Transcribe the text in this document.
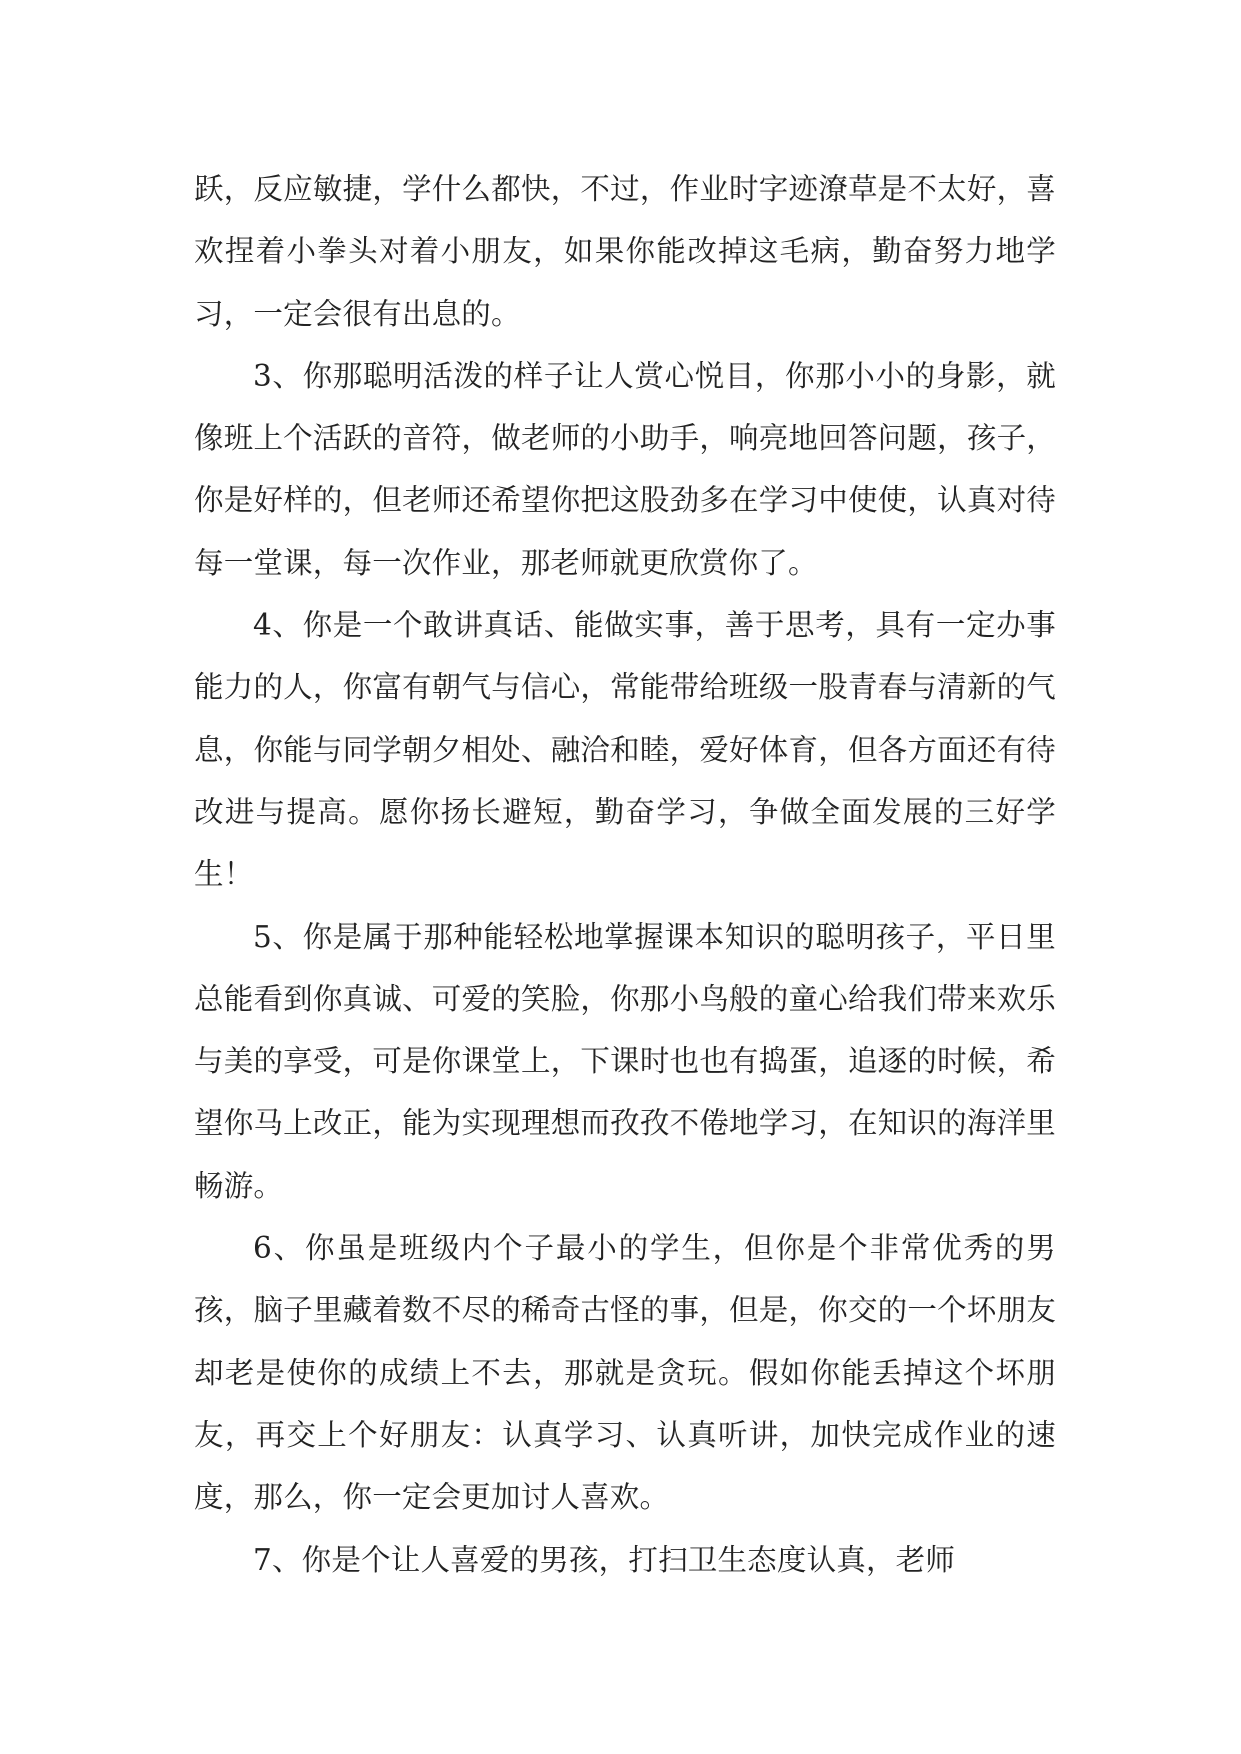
跃，反应敏捷，学什么都快，不过，作业时字迹潦草是不太好，喜欢捏着小拳头对着小朋友，如果你能改掉这毛病，勤奋努力地学习，一定会很有出息的。

3、你那聪明活泼的样子让人赏心悦目，你那小小的身影，就像班上个活跃的音符，做老师的小助手，响亮地回答问题，孩子，你是好样的，但老师还希望你把这股劲多在学习中使使，认真对待每一堂课，每一次作业，那老师就更欣赏你了。

4、你是一个敢讲真话、能做实事，善于思考，具有一定办事能力的人，你富有朝气与信心，常能带给班级一股青春与清新的气息，你能与同学朝夕相处、融洽和睦，爱好体育，但各方面还有待改进与提高。愿你扬长避短，勤奋学习，争做全面发展的三好学生！

5、你是属于那种能轻松地掌握课本知识的聪明孩子，平日里总能看到你真诚、可爱的笑脸，你那小鸟般的童心给我们带来欢乐与美的享受，可是你课堂上，下课时也也有捣蛋，追逐的时候，希望你马上改正，能为实现理想而孜孜不倦地学习，在知识的海洋里畅游。

6、你虽是班级内个子最小的学生，但你是个非常优秀的男孩，脑子里藏着数不尽的稀奇古怪的事，但是，你交的一个坏朋友却老是使你的成绩上不去，那就是贪玩。假如你能丢掉这个坏朋友，再交上个好朋友：认真学习、认真听讲，加快完成作业的速度，那么，你一定会更加讨人喜欢。

7、你是个让人喜爱的男孩，打扫卫生态度认真，老师
